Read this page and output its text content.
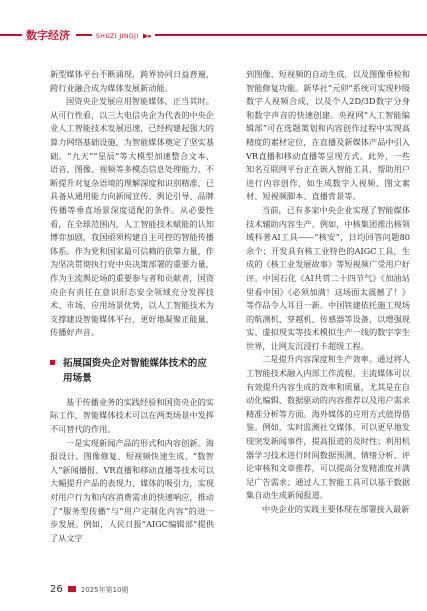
数字经济	SHUZI JINGJI ▶▸

新型媒体平台不断涌现，跨界协同日益普遍，跨行业融合成为媒体发展新动能。

国资央企发展应用智能媒体，正当其时。从可行性看，以三大电信央企为代表的中央企业人工智能技术发展迅速，已经构建起强大的算力网络基础设施，为智能媒体奠定了坚实基础。“九天”“星辰”等大模型加速整合文本、语音、图像、视频等多模态信息处理能力，不断提升对复杂语境的理解深度和识别精准，已具备从通用能力向新闻宣传、舆论引导、品牌传播等垂直场景深度适配的条件。从必要性看，在全球范围内，人工智能技术赋能的认知博弈加剧，我国亟须构建自主可控的智能传播体系。作为党和国家最可信赖的依靠力量，作为坚决贯彻执行党中央决策部署的重要力量，作为主流舆论场的重要参与者和贡献者，国资央企有责任在意识形态安全领域充分发挥技术、市场、应用场景优势，以人工智能技术为支撑建设智能媒体平台，更好地凝聚正能量、传播好声音。

拓展国资央企对智能媒体技术的应用场景

基于传播业务的实践经验和国资央企的实际工作，智能媒体技术可以在两类场景中发挥不可替代的作用。

一是实现新闻产品的形式和内容创新。海报设计、图像修复、短视频快速生成、“数智人”新闻播报、VR直播和移动直播等技术可以大幅提升产品的表现力、媒体的吸引力，实现对用户行为和内容消费需求的快速响应，推动了“服务型传播”与“用户定制化内容”的进一步发展。例如，人民日报“AIGC编辑部”提供了从文字

到图像、短视频的自动生成，以及图像垂检和智能修复功能。新华社“元卯”系统可实现秒级数字人视频合成，以及个人2D/3D数字分身和数字声音的快速创建。央视网“人工智能编辑部”可在选题策划和内容创作过程中实现高精度的素材定位，在直播及新媒体产品中引入VR直播和移动直播等呈现方式。此外，一些知名互联网平台正在嵌入智能工具，帮助用户进行内容创作，如生成数字人视频、图文素材、短视频脚本、直播背景等。

当前，已有多家中央企业实现了智能媒体技术辅助内容生产。例如，中核集团推出核领域科普AI工具——“核安”，日均回答问题80余个；开发具有核工业特色的AIGC工具，生成的《核工业发展故事》等短视频广受用户好评。中国石化《AI共赏二十四节气》《加油站里看中国》《必须加满！这场面太震撼了！》等作品令人耳目一新。中国铁建依托施工现场的航测机、穿越机、传感器等设备，以增强现实、虚拟现实等技术模拟生产一线的数字孪生世界，让网友沉浸打卡超级工程。

二是提升内容深度和生产效率。通过将人工智能技术融入内部工作流程，主流媒体可以有效提升内容生成的效率和质量，尤其是在自动化编辑、数据驱动的内容推荐以及用户需求精准分析等方面。海外媒体的应用方式值得借鉴。例如，实时监测社交媒体，可以更早地发现突发新闻事件，提高报道的及时性；利用机器学习技术进行时间数据预测、情绪分析、评论审核和文章推荐，可以提高分发精准度并满足广告需求；通过人工智能工具可以基于数据集自动生成新闻报道。

中央企业的实践主要体现在部署接入最新

26	2025年第10期
